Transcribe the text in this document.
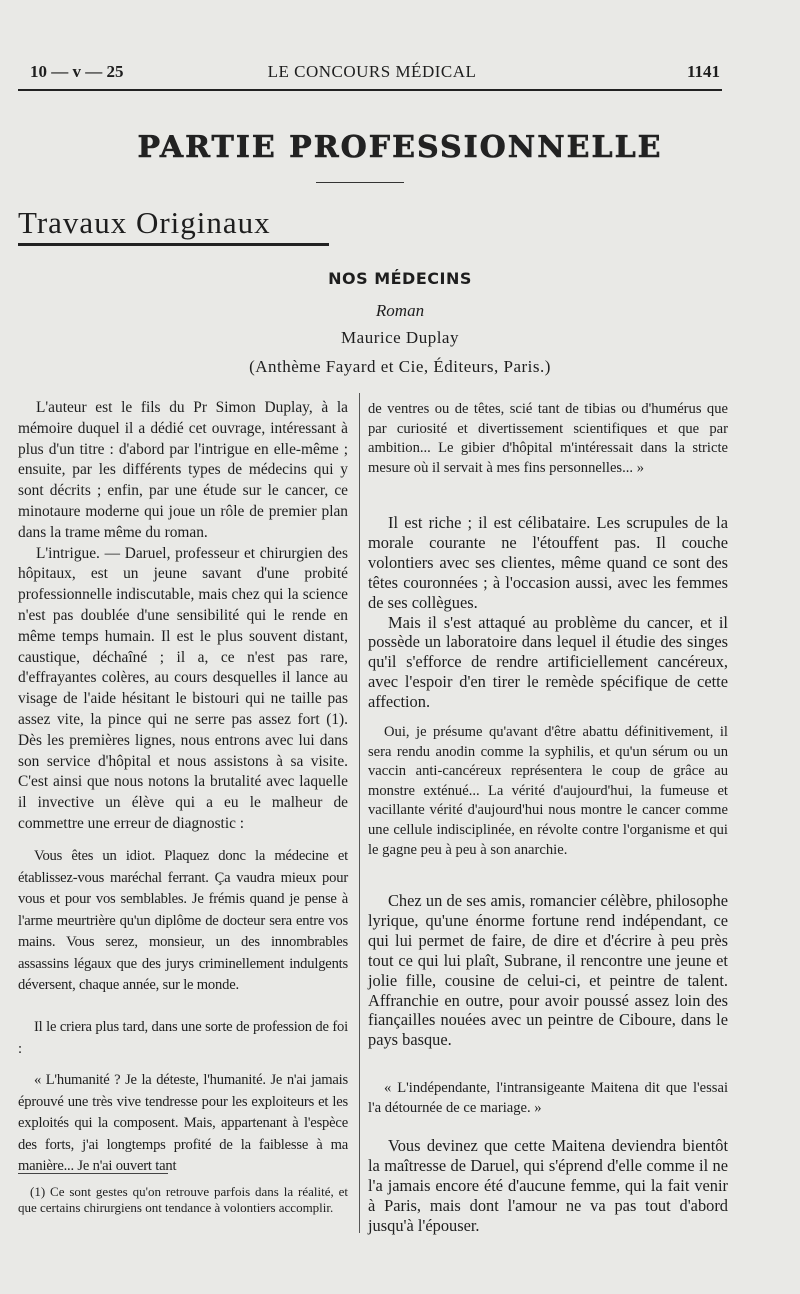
10 — v — 25	LE CONCOURS MÉDICAL	1141
PARTIE PROFESSIONNELLE
Travaux Originaux
NOS MÉDECINS
Roman
Maurice Duplay
(Anthème Fayard et Cie, Éditeurs, Paris.)

L'auteur est le fils du Pr Simon Duplay, à la mémoire duquel il a dédié cet ouvrage, intéressant à plus d'un titre : d'abord par l'intrigue en elle-même ; ensuite, par les différents types de médecins qui y sont décrits ; enfin, par une étude sur le cancer, ce minotaure moderne qui joue un rôle de premier plan dans la trame même du roman.

L'intrigue. — Daruel, professeur et chirurgien des hôpitaux, est un jeune savant d'une probité professionnelle indiscutable, mais chez qui la science n'est pas doublée d'une sensibilité qui le rende en même temps humain. Il est le plus souvent distant, caustique, déchaîné ; il a, ce n'est pas rare, d'effrayantes colères, au cours desquelles il lance au visage de l'aide hésitant le bistouri qui ne taille pas assez vite, la pince qui ne serre pas assez fort (1). Dès les premières lignes, nous entrons avec lui dans son service d'hôpital et nous assistons à sa visite. C'est ainsi que nous notons la brutalité avec laquelle il invective un élève qui a eu le malheur de commettre une erreur de diagnostic :

Vous êtes un idiot. Plaquez donc la médecine et établissez-vous maréchal ferrant. Ça vaudra mieux pour vous et pour vos semblables. Je frémis quand je pense à l'arme meurtrière qu'un diplôme de docteur sera entre vos mains. Vous serez, monsieur, un des innombrables assassins légaux que des jurys criminellement indulgents déversent, chaque année, sur le monde.

Il le criera plus tard, dans une sorte de profession de foi :

« L'humanité ? Je la déteste, l'humanité. Je n'ai jamais éprouvé une très vive tendresse pour les exploiteurs et les exploités qui la composent. Mais, appartenant à l'espèce des forts, j'ai longtemps profité de la faiblesse à ma manière... Je n'ai ouvert tant

(1) Ce sont gestes qu'on retrouve parfois dans la réalité, et que certains chirurgiens ont tendance à volontiers accomplir.

de ventres ou de têtes, scié tant de tibias ou d'humérus que par curiosité et divertissement scientifiques et que par ambition... Le gibier d'hôpital m'intéressait dans la stricte mesure où il servait à mes fins personnelles... »

Il est riche ; il est célibataire. Les scrupules de la morale courante ne l'étouffent pas. Il couche volontiers avec ses clientes, même quand ce sont des têtes couronnées ; à l'occasion aussi, avec les femmes de ses collègues.

Mais il s'est attaqué au problème du cancer, et il possède un laboratoire dans lequel il étudie des singes qu'il s'efforce de rendre artificiellement cancéreux, avec l'espoir d'en tirer le remède spécifique de cette affection.

Oui, je présume qu'avant d'être abattu définitivement, il sera rendu anodin comme la syphilis, et qu'un sérum ou un vaccin anti-cancéreux représentera le coup de grâce au monstre exténué... La vérité d'aujourd'hui, la fumeuse et vacillante vérité d'aujourd'hui nous montre le cancer comme une cellule indisciplinée, en révolte contre l'organisme et qui le gagne peu à peu à son anarchie.

Chez un de ses amis, romancier célèbre, philosophe lyrique, qu'une énorme fortune rend indépendant, ce qui lui permet de faire, de dire et d'écrire à peu près tout ce qui lui plaît, Subrane, il rencontre une jeune et jolie fille, cousine de celui-ci, et peintre de talent. Affranchie en outre, pour avoir poussé assez loin des fiançailles nouées avec un peintre de Ciboure, dans le pays basque.

« L'indépendante, l'intransigeante Maitena dit que l'essai l'a détournée de ce mariage. »

Vous devinez que cette Maitena deviendra bientôt la maîtresse de Daruel, qui s'éprend d'elle comme il ne l'a jamais encore été d'aucune femme, qui la fait venir à Paris, mais dont l'amour ne va pas tout d'abord jusqu'à l'épouser.
